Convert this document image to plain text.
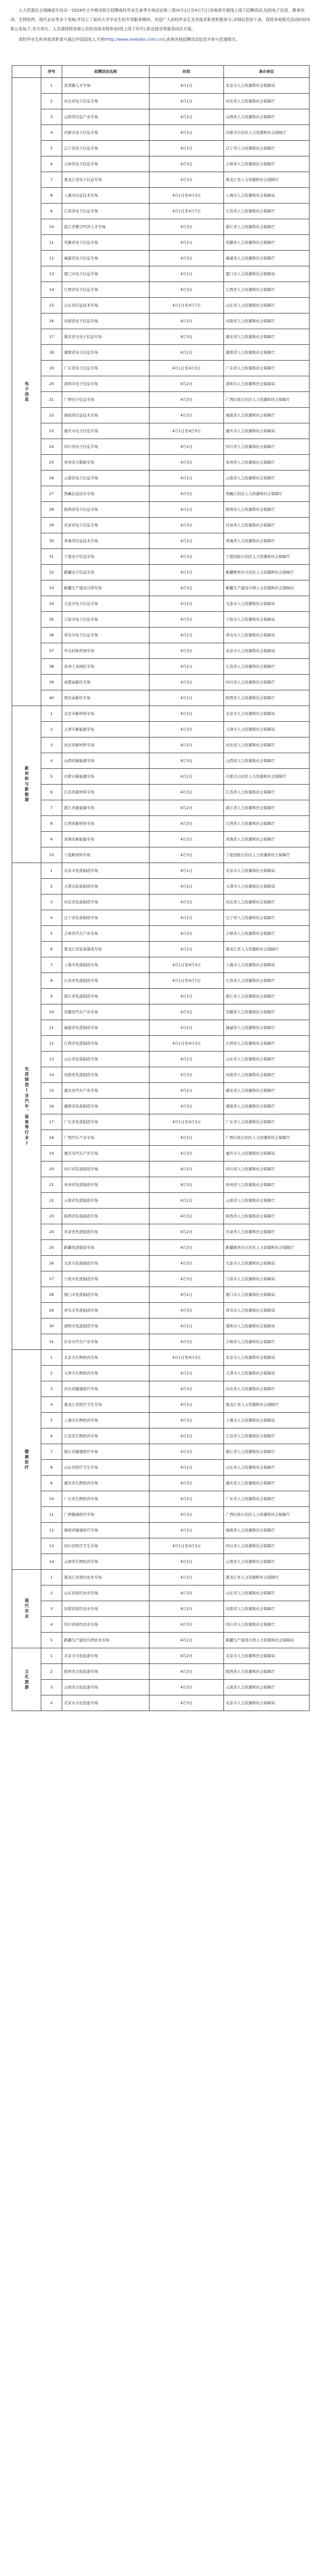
人力资源社会保障部专技司一2024年大中城市联合招聘高校毕业生春季专场活动第三周(4月1日至4月7日)各地将开展线上线下招聘活动,包括电子信息、教育培训、生物医药、现代农业等多个领域,并设立了面向大学毕业生的专项服务模块。欢迎广大高校毕业生及其他求职者积极参与,详细信息如下表。现将各地相关活动时间安排公布如下,有关单位、人员请按照各地公告的具体安排参加(线上线下均可),职业指导等服务同步开展。

高校毕业生和其他求职者可通过中国国家人才网(http://www.newjobs.com.cn/),查询各地招聘活动信息并参与投递简历。

	序号	招聘活动名称	时间	承办单位

电子信息	1	京津冀人才专场	4月1日	北京市人力资源和社会保障局
	2	河北省电子信息专场	4月1日	河北省人力资源和社会保障厅
	3	山西省信息产业专场	4月2日	山西省人力资源和社会保障厅
	4	内蒙古电子信息专场	4月2日	内蒙古自治区人力资源和社会保障厅
	5	辽宁省电子信息专场	4月2日	辽宁省人力资源和社会保障厅
	6	吉林省电子信息专场	4月3日	吉林省人力资源和社会保障厅
	7	黑龙江省电子信息专场	4月3日	黑龙江省人力资源和社会保障厅
	8	上海市信息技术专场	4月1日至4月3日	上海市人力资源和社会保障局
	9	江苏省电子信息专场	4月1日至4月7日	江苏省人力资源和社会保障厅
	10	浙江省数字经济人才专场	4月3日	浙江省人力资源和社会保障厅
	11	安徽省电子信息专场	4月2日	安徽省人力资源和社会保障厅
	12	福建省电子信息专场	4月3日	福建省人力资源和社会保障厅
	13	厦门市电子信息专场	4月2日	厦门市人力资源和社会保障局
	14	江西省电子信息专场	4月3日	江西省人力资源和社会保障厅
	15	山东省信息技术专场	4月1日至4月7日	山东省人力资源和社会保障厅
	16	河南省电子信息专场	4月2日	河南省人力资源和社会保障厅
	17	湖北省光电子信息专场	4月3日	湖北省人力资源和社会保障厅
	18	湖南省电子信息专场	4月2日	湖南省人力资源和社会保障厅
	19	广东省电子信息专场	4月1日至4月3日	广东省人力资源和社会保障厅
	20	深圳市电子信息专场	4月2日	深圳市人力资源和社会保障局
	21	广西电子信息专场	4月3日	广西壮族自治区人力资源和社会保障厅
	22	海南省信息技术专场	4月2日	海南省人力资源和社会保障厅
	23	重庆市电子信息专场	4月1日至4月3日	重庆市人力资源和社会保障局
	24	四川省电子信息专场	4月2日	四川省人力资源和社会保障厅
	25	贵州省大数据专场	4月3日	贵州省人力资源和社会保障厅
	26	云南省电子信息专场	4月2日	云南省人力资源和社会保障厅
	27	西藏信息技术专场	4月3日	西藏自治区人力资源和社会保障厅
	28	陕西省电子信息专场	4月2日	陕西省人力资源和社会保障厅
	29	甘肃省电子信息专场	4月3日	甘肃省人力资源和社会保障厅
	30	青海省信息技术专场	4月2日	青海省人力资源和社会保障厅
	31	宁夏电子信息专场	4月3日	宁夏回族自治区人力资源和社会保障厅
	32	新疆电子信息专场	4月2日	新疆维吾尔自治区人力资源和社会保障厅
	33	新疆生产建设兵团专场	4月3日	新疆生产建设兵团人力资源和社会保障局
	34	大连市电子信息专场	4月2日	大连市人力资源和社会保障局
	35	宁波市电子信息专场	4月3日	宁波市人力资源和社会保障局
	36	青岛市电子信息专场	4月2日	青岛市人力资源和社会保障局
	37	中关村软件园专场	4月3日	北京市人力资源和社会保障局
	38	苏州工业园区专场	4月2日	江苏省人力资源和社会保障厅
	39	成都高新区专场	4月3日	四川省人力资源和社会保障厅
	40	西安高新区专场	4月2日	陕西省人力资源和社会保障厅

新材料与新能源	1	北京市新材料专场	4月2日	北京市人力资源和社会保障局
	2	天津市新能源专场	4月3日	天津市人力资源和社会保障局
	3	河北省新材料专场	4月2日	河北省人力资源和社会保障厅
	4	山西省新能源专场	4月3日	山西省人力资源和社会保障厅
	5	内蒙古新能源专场	4月2日	内蒙古自治区人力资源和社会保障厅
	6	江苏省新材料专场	4月3日	江苏省人力资源和社会保障厅
	7	浙江省新能源专场	4月2日	浙江省人力资源和社会保障厅
	8	江西省新材料专场	4月3日	江西省人力资源和社会保障厅
	9	青海省新能源专场	4月2日	青海省人力资源和社会保障厅
	10	宁夏新材料专场	4月3日	宁夏回族自治区人力资源和社会保障厅

先进制造(含汽车、装备等行业)	1	北京市先进制造专场	4月1日	北京市人力资源和社会保障局
	2	天津市装备制造专场	4月2日	天津市人力资源和社会保障局
	3	河北省装备制造专场	4月3日	河北省人力资源和社会保障厅
	4	辽宁省装备制造专场	4月2日	辽宁省人力资源和社会保障厅
	5	吉林省汽车产业专场	4月3日	吉林省人力资源和社会保障厅
	6	黑龙江省装备制造专场	4月2日	黑龙江省人力资源和社会保障厅
	7	上海市先进制造专场	4月1日至4月3日	上海市人力资源和社会保障局
	8	江苏省先进制造专场	4月1日至4月7日	江苏省人力资源和社会保障厅
	9	浙江省先进制造专场	4月2日	浙江省人力资源和社会保障厅
	10	安徽省汽车产业专场	4月3日	安徽省人力资源和社会保障厅
	11	福建省先进制造专场	4月2日	福建省人力资源和社会保障厅
	12	江西省先进制造专场	4月1日至4月3日	江西省人力资源和社会保障厅
	13	山东省装备制造专场	4月2日	山东省人力资源和社会保障厅
	14	河南省先进制造专场	4月3日	河南省人力资源和社会保障厅
	15	湖北省汽车产业专场	4月2日	湖北省人力资源和社会保障厅
	16	湖南省装备制造专场	4月3日	湖南省人力资源和社会保障厅
	17	广东省先进制造专场	4月1日至4月3日	广东省人力资源和社会保障厅
	18	广西汽车产业专场	4月2日	广西壮族自治区人力资源和社会保障厅
	19	重庆市汽车产业专场	4月3日	重庆市人力资源和社会保障局
	20	四川省装备制造专场	4月2日	四川省人力资源和社会保障厅
	21	贵州省先进制造专场	4月3日	贵州省人力资源和社会保障厅
	22	云南省先进制造专场	4月2日	云南省人力资源和社会保障厅
	23	陕西省装备制造专场	4月3日	陕西省人力资源和社会保障厅
	24	甘肃省先进制造专场	4月2日	甘肃省人力资源和社会保障厅
	25	新疆先进制造专场	4月3日	新疆维吾尔自治区人力资源和社会保障厅
	26	大连市装备制造专场	4月2日	大连市人力资源和社会保障局
	27	宁波市先进制造专场	4月3日	宁波市人力资源和社会保障局
	28	厦门市先进制造专场	4月2日	厦门市人力资源和社会保障局
	29	青岛市先进制造专场	4月3日	青岛市人力资源和社会保障局
	30	深圳市先进制造专场	4月2日	深圳市人力资源和社会保障局
	31	长春市汽车产业专场	4月3日	吉林省人力资源和社会保障厅

健康医疗	1	北京市生物医药专场	4月1日至4月3日	北京市人力资源和社会保障局
	2	天津市生物医药专场	4月2日	天津市人力资源和社会保障局
	3	河北省健康医疗专场	4月3日	河北省人力资源和社会保障厅
	4	黑龙江省医疗卫生专场	4月2日	黑龙江省人力资源和社会保障厅
	5	上海市生物医药专场	4月3日	上海市人力资源和社会保障局
	6	江苏省生物医药专场	4月2日	江苏省人力资源和社会保障厅
	7	浙江省健康医疗专场	4月3日	浙江省人力资源和社会保障厅
	8	山东省医疗卫生专场	4月2日	山东省人力资源和社会保障厅
	9	湖北省生物医药专场	4月3日	湖北省人力资源和社会保障厅
	10	广东省生物医药专场	4月2日	广东省人力资源和社会保障厅
	11	广西健康医疗专场	4月3日	广西壮族自治区人力资源和社会保障厅
	12	海南省健康医疗专场	4月2日	海南省人力资源和社会保障厅
	13	四川省医疗卫生专场	4月1日至4月3日	四川省人力资源和社会保障厅
	14	云南省生物医药专场	4月2日	云南省人力资源和社会保障厅

现代农业	1	黑龙江省现代农业专场	4月2日	黑龙江省人力资源和社会保障厅
	2	山东省现代农业专场	4月3日	山东省人力资源和社会保障厅
	3	河南省现代农业专场	4月2日	河南省人力资源和社会保障厅
	4	四川省现代农业专场	4月3日	四川省人力资源和社会保障厅
	5	新疆生产建设兵团农业专场	4月2日	新疆生产建设兵团人力资源和社会保障局

文化旅游	1	北京市文化旅游专场	4月2日	北京市人力资源和社会保障局
	2	陕西省文化旅游专场	4月3日	陕西省人力资源和社会保障厅
	3	云南省文化旅游专场	4月2日	云南省人力资源和社会保障厅
	4	北京市文化创意专场	4月3日	北京市人力资源和社会保障局
